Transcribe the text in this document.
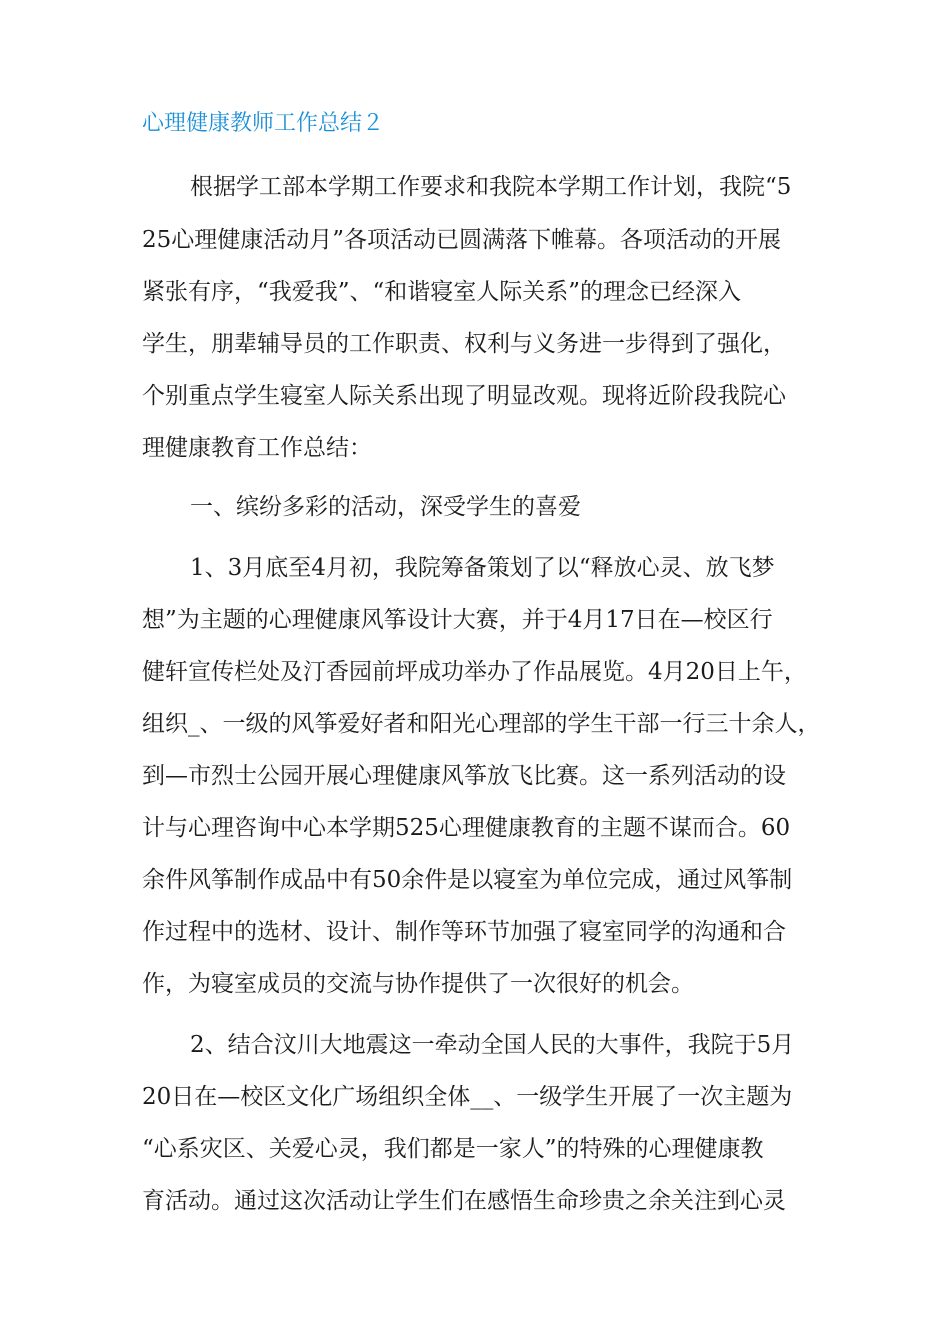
心理健康教师工作总结２
根据学工部本学期工作要求和我院本学期工作计划，我院“5
25心理健康活动月”各项活动已圆满落下帷幕。各项活动的开展
紧张有序，“我爱我”、“和谐寝室人际关系”的理念已经深入
学生，朋辈辅导员的工作职责、权利与义务进一步得到了强化，
个别重点学生寝室人际关系出现了明显改观。现将近阶段我院心
理健康教育工作总结：
一、缤纷多彩的活动，深受学生的喜爱
1、3月底至4月初，我院筹备策划了以“释放心灵、放飞梦
想”为主题的心理健康风筝设计大赛，并于4月17日在—校区行
健轩宣传栏处及汀香园前坪成功举办了作品展览。4月20日上午，
组织_、一级的风筝爱好者和阳光心理部的学生干部一行三十余人，
到—市烈士公园开展心理健康风筝放飞比赛。这一系列活动的设
计与心理咨询中心本学期525心理健康教育的主题不谋而合。60
余件风筝制作成品中有50余件是以寝室为单位完成，通过风筝制
作过程中的选材、设计、制作等环节加强了寝室同学的沟通和合
作，为寝室成员的交流与协作提供了一次很好的机会。
2、结合汶川大地震这一牵动全国人民的大事件，我院于5月
20日在—校区文化广场组织全体__、一级学生开展了一次主题为
“心系灾区、关爱心灵，我们都是一家人”的特殊的心理健康教
育活动。通过这次活动让学生们在感悟生命珍贵之余关注到心灵
